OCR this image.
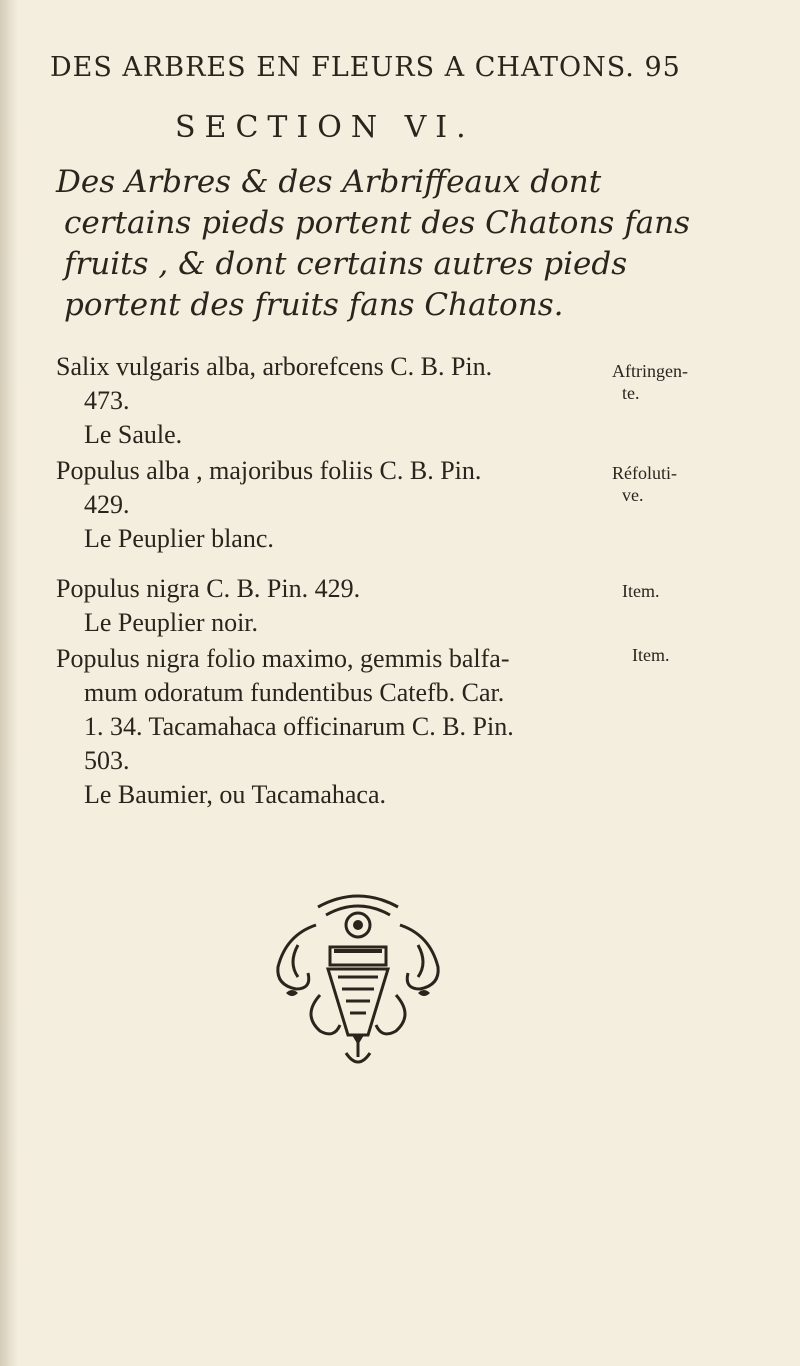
DES ARBRES EN FLEURS A CHATONS. 95
SECTION VI.
Des Arbres & des Arbriffeaux dont
certains pieds portent des Chatons fans
fruits , & dont certains autres pieds
portent des fruits fans Chatons.
Salix vulgaris alba, arborefcens C. B. Pin.
473.
Le Saule.
Aftringen-
te.
Populus alba , majoribus foliis C. B. Pin.
429.
Le Peuplier blanc.
Réfoluti-
ve.
Populus nigra C. B. Pin. 429.
Le Peuplier noir.
Item.
Populus nigra folio maximo, gemmis balfa-
mum odoratum fundentibus Catefb. Car.
1. 34. Tacamahaca officinarum C. B. Pin.
503.
Le Baumier, ou Tacamahaca.
Item.
